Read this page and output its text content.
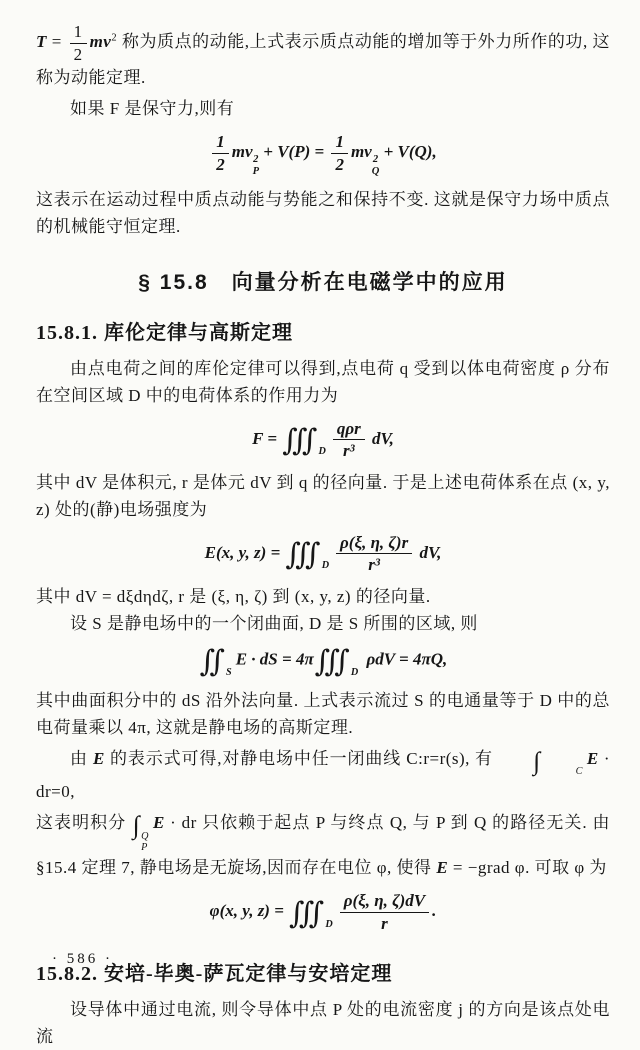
$T = \frac{1}{2} mv^2$ 称为质点的动能,上式表示质点动能的增加等于外力所作的功, 这称为动能定理.
如果 F 是保守力,则有
$\frac{1}{2}$ mv 2
P
+ $V(P) = \frac{1}{2}$ mv 2
Q
+ V(Q),
这表示在运动过程中质点动能与势能之和保持不变. 这就是保守力场中质点的机械能守恒定理.
§ 15.8　向量分析在电磁学中的应用
15.8.1. 库伦定律与高斯定理
由点电荷之间的库伦定律可以得到,点电荷 q 受到以体电荷密度 ρ 分布在空间区域 D 中的电荷体系的作用力为
F = ∭ D $\frac{\text{qρr}}{\text{r³}}$ dV,
其中 dV 是体积元, r 是体元 dV 到 q 的径向量. 于是上述电荷体系在点 (x, y, z) 处的(静)电场强度为
E(x, y, z) = ∭ D $\frac{\rho(\xi, \eta, \zeta)r}{\text{r³}}$ dV,
其中 dV = dξdηdζ, r 是 (ξ, η, ζ) 到 (x, y, z) 的径向量.
设 S 是静电场中的一个闭曲面, D 是 S 所围的区域, 则
∬ S
E · dS = 4π∭ D
ρdV = 4πQ,
其中曲面积分中的 dS 沿外法向量. 上式表示流过 S 的电通量等于 D 中的总电荷量乘以 4π, 这就是静电场的高斯定理.
由 E 的表示式可得,对静电场中任一闭曲线 C:r=r(s), 有 ∫	C
E · dr=0,
这表明积分 ∫ Q
P
E · dr 只依赖于起点 P 与终点 Q, 与 P 到 Q 的路径无关. 由 §15.4 定理 7, 静电场是无旋场,因而存在电位 φ, 使得 E = −grad φ. 可取 φ 为
φ(x, y, z) = ∭ D $\frac{\rho(\xi, \eta, \zeta)dV}{r}$ .
15.8.2. 安培-毕奥-萨瓦定律与安培定理
设导体中通过电流, 则令导体中点 P 处的电流密度 j 的方向是该点处电流
· 586 ·
